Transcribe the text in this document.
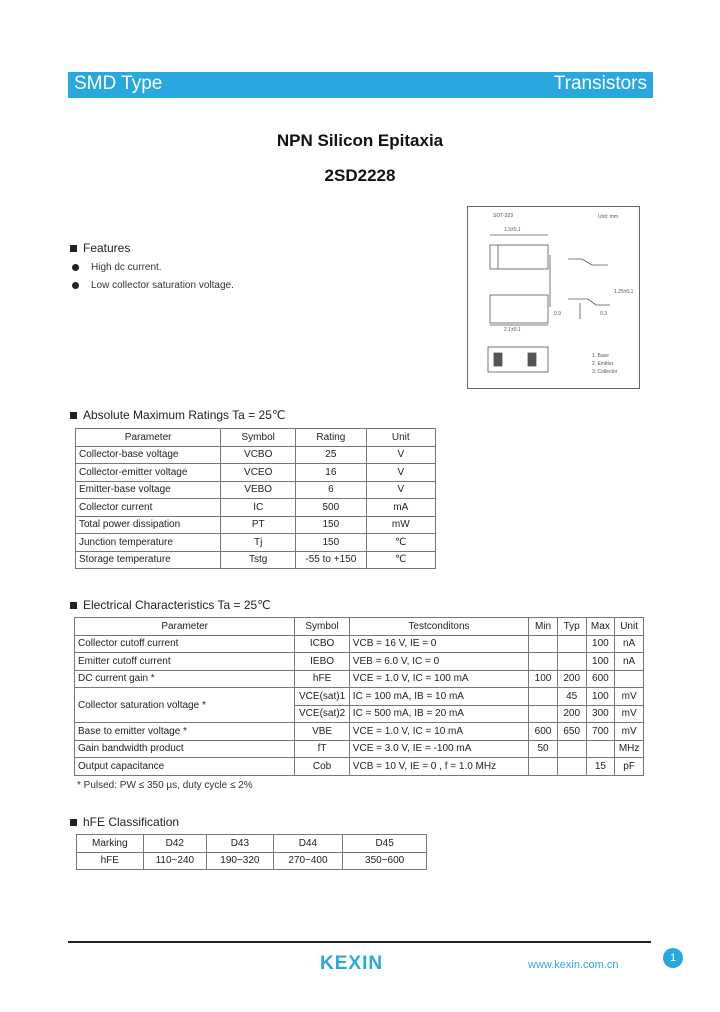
SMD Type	Transistors
NPN Silicon Epitaxia
2SD2228
Features
High dc current.
Low collector saturation voltage.
SOT-323	Unit: mm
1.3±0.1
2.1±0.1
1.25±0.1
0.3
0.9
1. Base
2. Emitter
3. Collector
Absolute Maximum Ratings Ta = 25℃
Parameter	Symbol	Rating	Unit
Collector-base voltage	VCBO	25	V
Collector-emitter voltage	VCEO	16	V
Emitter-base voltage	VEBO	6	V
Collector current	IC	500	mA
Total power dissipation	PT	150	mW
Junction temperature	Tj	150	℃
Storage temperature	Tstg	-55 to +150	℃
Electrical Characteristics Ta = 25℃
Parameter	Symbol	Testconditons	Min	Typ	Max	Unit
Collector cutoff current	ICBO	VCB = 16 V, IE = 0			100	nA
Emitter cutoff current	IEBO	VEB = 6.0 V, IC = 0			100	nA
DC current gain *	hFE	VCE = 1.0 V, IC = 100 mA	100	200	600	
Collector saturation voltage *	VCE(sat)1	IC = 100 mA, IB = 10 mA		45	100	mV
	VCE(sat)2	IC = 500 mA, IB = 20 mA		200	300	mV
Base to emitter voltage *	VBE	VCE = 1.0 V, IC = 10 mA	600	650	700	mV
Gain bandwidth product	fT	VCE = 3.0 V, IE = -100 mA	50			MHz
Output capacitance	Cob	VCB = 10 V, IE = 0 , f = 1.0 MHz			15	pF
* Pulsed: PW ≤ 350 µs, duty cycle ≤ 2%
hFE Classification
Marking	D42	D43	D44	D45
hFE	110~240	190~320	270~400	350~600
1
KEXIN	www.kexin.com.cn
